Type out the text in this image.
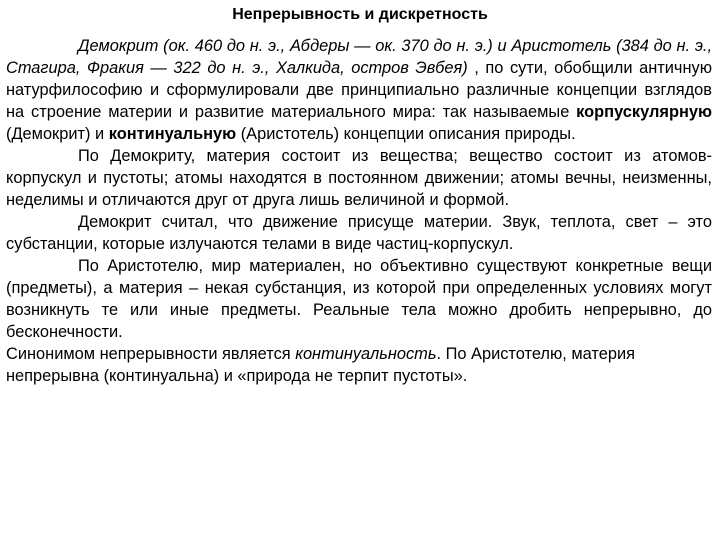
Непрерывность и дискретность

Демокрит (ок. 460 до н. э., Абдеры — ок. 370 до н. э.) и Аристотель (384 до н. э., Стагира, Фракия — 322 до н. э., Халкида, остров Эвбея) , по сути, обобщили античную натурфилософию и сформулировали две принципиально различные концепции взглядов на строение материи и развитие материального мира: так называемые корпускулярную (Демокрит) и континуальную (Аристотель) концепции описания природы.

По Демокриту, материя состоит из вещества; вещество состоит из атомов-корпускул и пустоты; атомы находятся в постоянном движении; атомы вечны, неизменны, неделимы и отличаются друг от друга лишь величиной и формой.

Демокрит считал, что движение присуще материи. Звук, теплота, свет – это субстанции, которые излучаются телами в виде частиц-корпускул.

По Аристотелю, мир материален, но объективно существуют конкретные вещи (предметы), а материя – некая субстанция, из которой при определенных условиях могут возникнуть те или иные предметы. Реальные тела можно дробить непрерывно, до бесконечности.

Синонимом непрерывности является континуальность. По Аристотелю, материя непрерывна (континуальна) и «природа не терпит пустоты».
